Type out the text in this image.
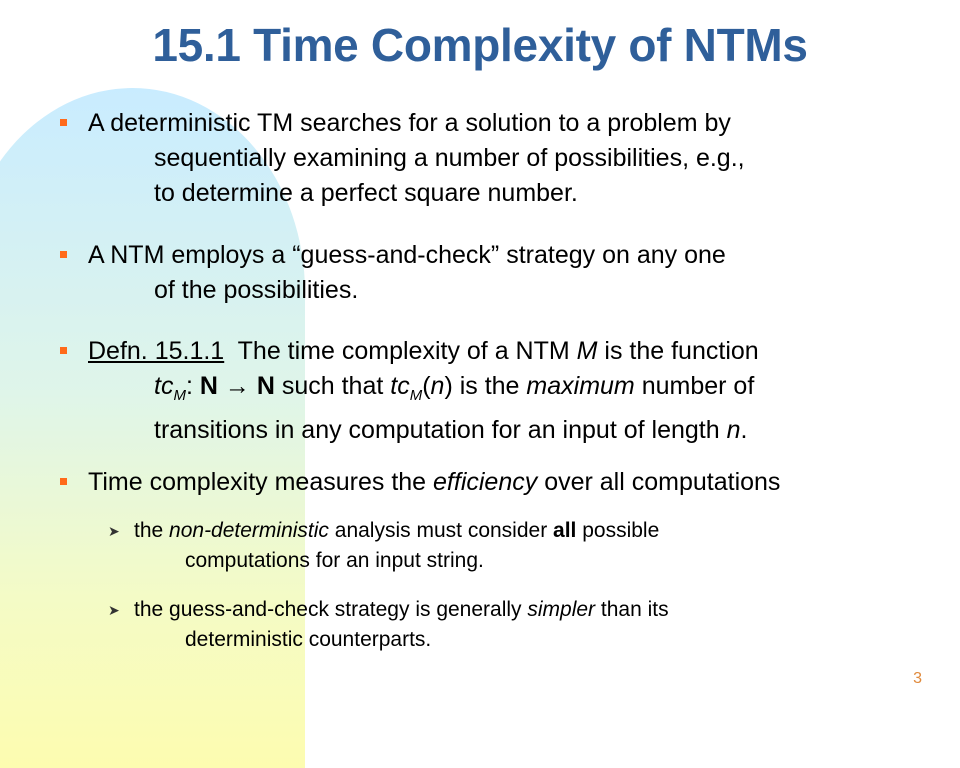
15.1 Time Complexity of NTMs
A deterministic TM searches for a solution to a problem by
sequentially examining a number of possibilities, e.g.,
to determine a perfect square number.
A NTM employs a “guess-and-check” strategy on any one
of the possibilities.
Defn. 15.1.1  The time complexity of a NTM M is the function
$tc_M$: N → N such that $tc_M(n)$ is the maximum number of
transitions in any computation for an input of length n.
Time complexity measures the efficiency over all computations
➤ the non-deterministic analysis must consider all possible
computations for an input string.
➤ the guess-and-check strategy is generally simpler than its
deterministic counterparts.
3
